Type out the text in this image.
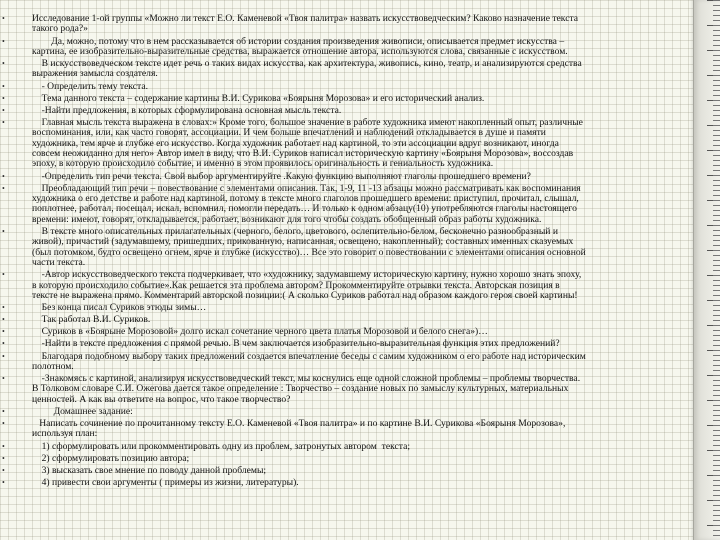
•	Исследование 1-ой группы «Можно ли текст Е.О. Каменевой «Твоя палитра» назвать искусствоведческим? Каково назначение текста такого рода?»
•	Да, можно, потому что в нем рассказывается об истории создания произведения живописи, описывается предмет искусства – картина, ее изобразительно-выразительные средства, выражается отношение автора, используются слова, связанные с искусством.
•	В искусствоведческом тексте идет речь о таких видах искусства, как архитектура, живопись, кино, театр, и анализируются средства выражения замысла создателя.
•	- Определить тему текста.
•	Тема данного текста – содержание картины В.И. Сурикова «Боярыня Морозова» и его исторический анализ.
•	-Найти предложения, в которых сформулирована основная мысль текста.
•	Главная мысль текста выражена в словах:» Кроме того, большое значение в работе художника имеют накопленный опыт, различные воспоминания, или, как часто говорят, ассоциации. И чем больше впечатлений и наблюдений откладывается в душе и памяти художника, тем ярче и глубже его искусство. Когда художник работает над картиной, то эти ассоциации вдруг возникают, иногда совсем неожиданно для него» Автор имел в виду, что В.И. Суриков написал историческую картину «Боярыня Морозова», воссоздав эпоху, в которую происходило событие, и именно в этом проявилось оригинальность и гениальность художника.
•	-Определить тип речи текста. Свой выбор аргументируйте .Какую функцию выполняют глаголы прошедшего времени?
•	Преобладающий тип речи – повествование с элементами описания. Так, 1-9, 11 -13 абзацы можно рассматривать как воспоминания художника о его детстве и работе над картиной, потому в тексте много глаголов прошедшего времени: приступил, прочитал, слышал, поплотнее, работал, посещал, искал, вспомнил, помогли передать… И только к одном абзацу(10) употребляются глаголы настоящего времени: имеют, говорят, откладывается, работает, возникают для того чтобы создать обобщенный образ работы художника.
•	В тексте много описательных прилагательных (черного, белого, цветового, ослепительно-белом, бесконечно разнообразный и живой), причастий (задумавшему, пришедших, прикованную, написанная, освещено, накопленный); составных именных сказуемых (был потомком, будто освещено огнем, ярче и глубже (искусство)… Все это говорит о повествовании с элементами описания основной части текста.
•	-Автор искусствоведческого текста подчеркивает, что «художнику, задумавшему историческую картину, нужно хорошо знать эпоху, в которую происходило событие».Как решается эта проблема автором? Прокомментируйте отрывки текста. Авторская позиция в тексте не выражена прямо. Комментарий авторской позиции:( А сколько Суриков работал над образом каждого героя своей картины!
•	Без конца писал Суриков этюды зимы…
•	Так работал В.И. Суриков.
•	Суриков в «Боярыне Морозовой» долго искал сочетание черного цвета платья Морозовой и белого снега»)…
•	-Найти в тексте предложения с прямой речью. В чем заключается изобразительно-выразительная функция этих предложений?
•	Благодаря подобному выбору таких предложений создается впечатление беседы с самим художником о его работе над историческим полотном.
•	-Знакомясь с картиной, анализируя искусствоведческий текст, мы коснулись еще одной сложной проблемы – проблемы творчества. В Толковом словаре С.И. Ожегова дается такое определение : Творчество – создание новых по замыслу культурных, материальных ценностей. А как вы ответите на вопрос, что такое творчество?
•	Домашнее задание:
•	Написать сочинение по прочитанному тексту Е.О. Каменевой «Твоя палитра» и по картине В.И. Сурикова «Боярыня Морозова», используя план:
•	1) сформулировать или прокомментировать одну из проблем, затронутых автором  текста;
•	2) сформулировать позицию автора;
•	3) высказать свое мнение по поводу данной проблемы;
•	4) привести свои аргументы ( примеры из жизни, литературы).
